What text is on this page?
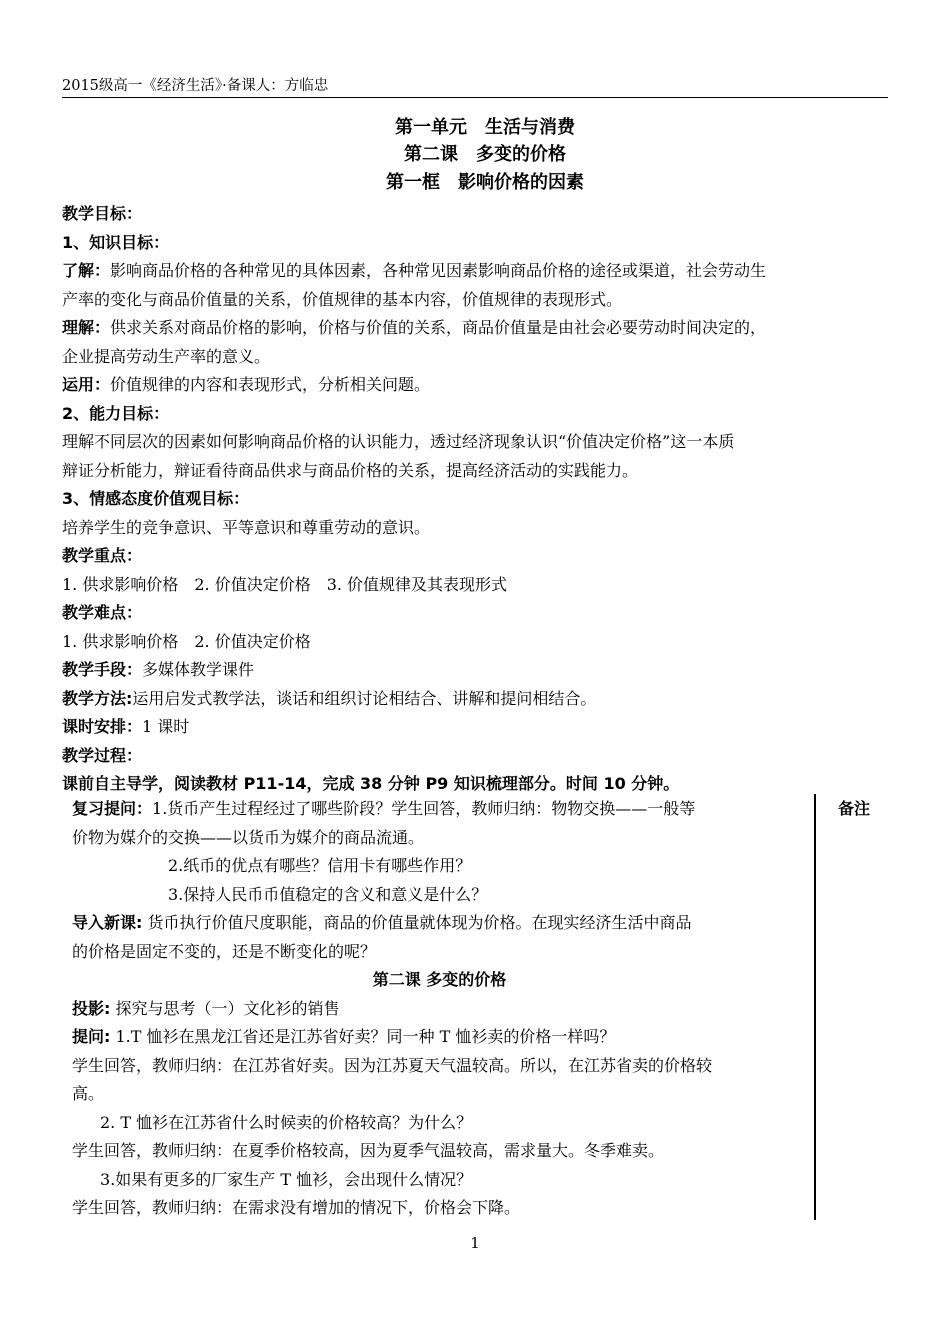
2015级高一《经济生活》·备课人：方临忠
第一单元　生活与消费
第二课　多变的价格
第一框　影响价格的因素
教学目标：
1、知识目标：
了解：影响商品价格的各种常见的具体因素，各种常见因素影响商品价格的途径或渠道，社会劳动生
产率的变化与商品价值量的关系，价值规律的基本内容，价值规律的表现形式。
理解：供求关系对商品价格的影响，价格与价值的关系，商品价值量是由社会必要劳动时间决定的，
企业提高劳动生产率的意义。
运用：价值规律的内容和表现形式，分析相关问题。
2、能力目标：
理解不同层次的因素如何影响商品价格的认识能力，透过经济现象认识“价值决定价格”这一本质
辩证分析能力，辩证看待商品供求与商品价格的关系，提高经济活动的实践能力。
3、情感态度价值观目标：
培养学生的竞争意识、平等意识和尊重劳动的意识。
教学重点：
1. 供求影响价格　2. 价值决定价格　3. 价值规律及其表现形式
教学难点：
1. 供求影响价格　2. 价值决定价格
教学手段：多媒体教学课件
教学方法:运用启发式教学法，谈话和组织讨论相结合、讲解和提问相结合。
课时安排：1 课时
教学过程：
课前自主导学，阅读教材 P11-14，完成 38 分钟 P9 知识梳理部分。时间 10 分钟。
备注
复习提问：1.货币产生过程经过了哪些阶段？学生回答，教师归纳：物物交换——一般等
价物为媒介的交换——以货币为媒介的商品流通。
2.纸币的优点有哪些？信用卡有哪些作用？
3.保持人民币币值稳定的含义和意义是什么？
导入新课: 货币执行价值尺度职能，商品的价值量就体现为价格。在现实经济生活中商品
的价格是固定不变的，还是不断变化的呢？
第二课 多变的价格
投影: 探究与思考（一）文化衫的销售
提问: 1.T 恤衫在黑龙江省还是江苏省好卖？同一种 T 恤衫卖的价格一样吗？
学生回答，教师归纳：在江苏省好卖。因为江苏夏天气温较高。所以，在江苏省卖的价格较
高。
2. T 恤衫在江苏省什么时候卖的价格较高？为什么？
学生回答，教师归纳：在夏季价格较高，因为夏季气温较高，需求量大。冬季难卖。
3.如果有更多的厂家生产 T 恤衫，会出现什么情况？
学生回答，教师归纳：在需求没有增加的情况下，价格会下降。
1
